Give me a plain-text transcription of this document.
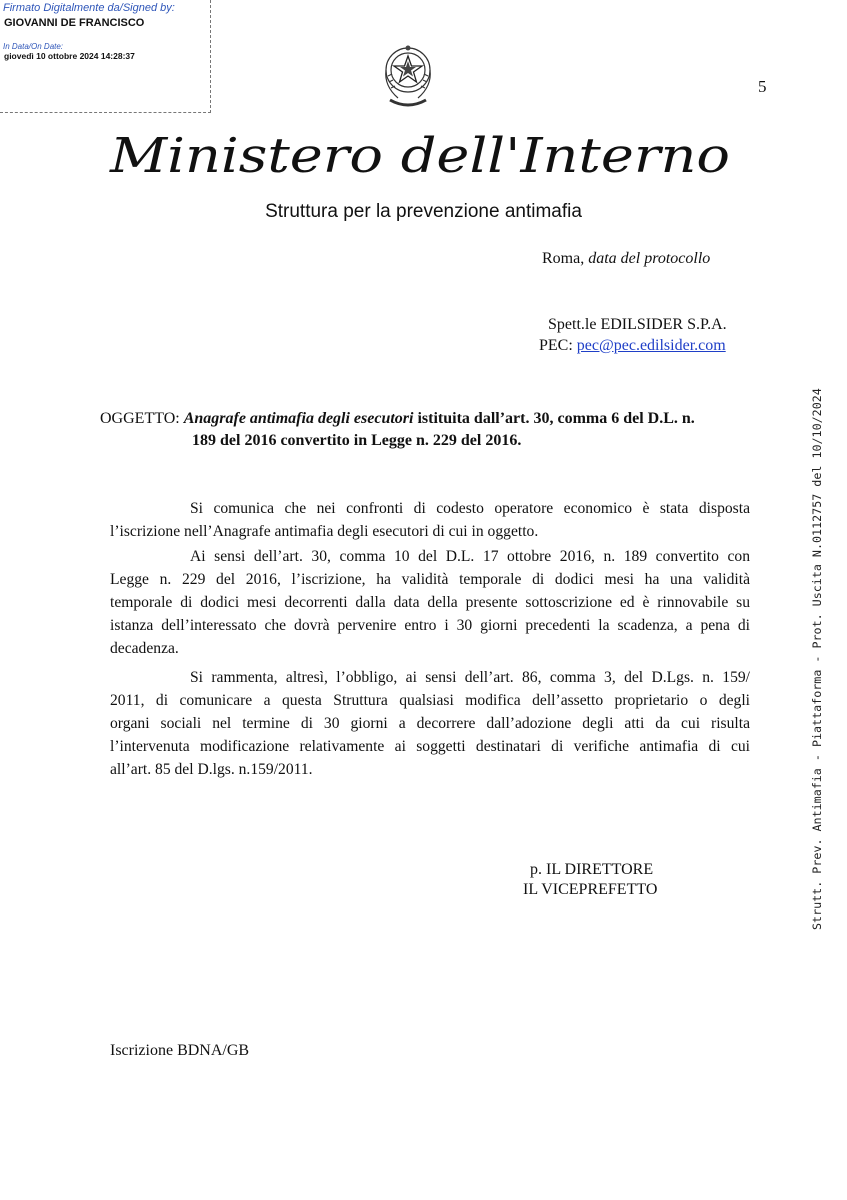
Firmato Digitalmente da/Signed by:
GIOVANNI DE FRANCISCO
In Data/On Date:
giovedì 10 ottobre 2024 14:28:37
5
Ministero dell'Interno
Struttura per la prevenzione antimafia
Roma, data del protocollo
Spett.le EDILSIDER S.P.A.
PEC: pec@pec.edilsider.com
OGGETTO: Anagrafe antimafia degli esecutori istituita dall’art. 30, comma 6 del D.L. n.
189 del 2016 convertito in Legge n. 229 del 2016.
Si comunica che nei confronti di codesto operatore economico è stata disposta
l’iscrizione nell’Anagrafe antimafia degli esecutori di cui in oggetto.
Ai sensi dell’art. 30, comma 10 del D.L. 17 ottobre 2016, n. 189 convertito con
Legge n. 229 del 2016, l’iscrizione, ha validità temporale di dodici mesi ha una validità
temporale di dodici mesi decorrenti dalla data della presente sottoscrizione ed è rinnovabile su
istanza dell’interessato che dovrà pervenire entro i 30 giorni precedenti la scadenza, a pena di
decadenza.
Si rammenta, altresì, l’obbligo, ai sensi dell’art. 86, comma 3, del D.Lgs. n. 159/
2011, di comunicare a questa Struttura qualsiasi modifica dell’assetto proprietario o degli
organi sociali nel termine di 30 giorni a decorrere dall’adozione degli atti da cui risulta
l’intervenuta modificazione relativamente ai soggetti destinatari di verifiche antimafia di cui
all’art. 85 del D.lgs. n.159/2011.
p. IL DIRETTORE
IL VICEPREFETTO
Iscrizione BDNA/GB
Strutt. Prev. Antimafia - Piattaforma - Prot. Uscita N.0112757 del 10/10/2024
